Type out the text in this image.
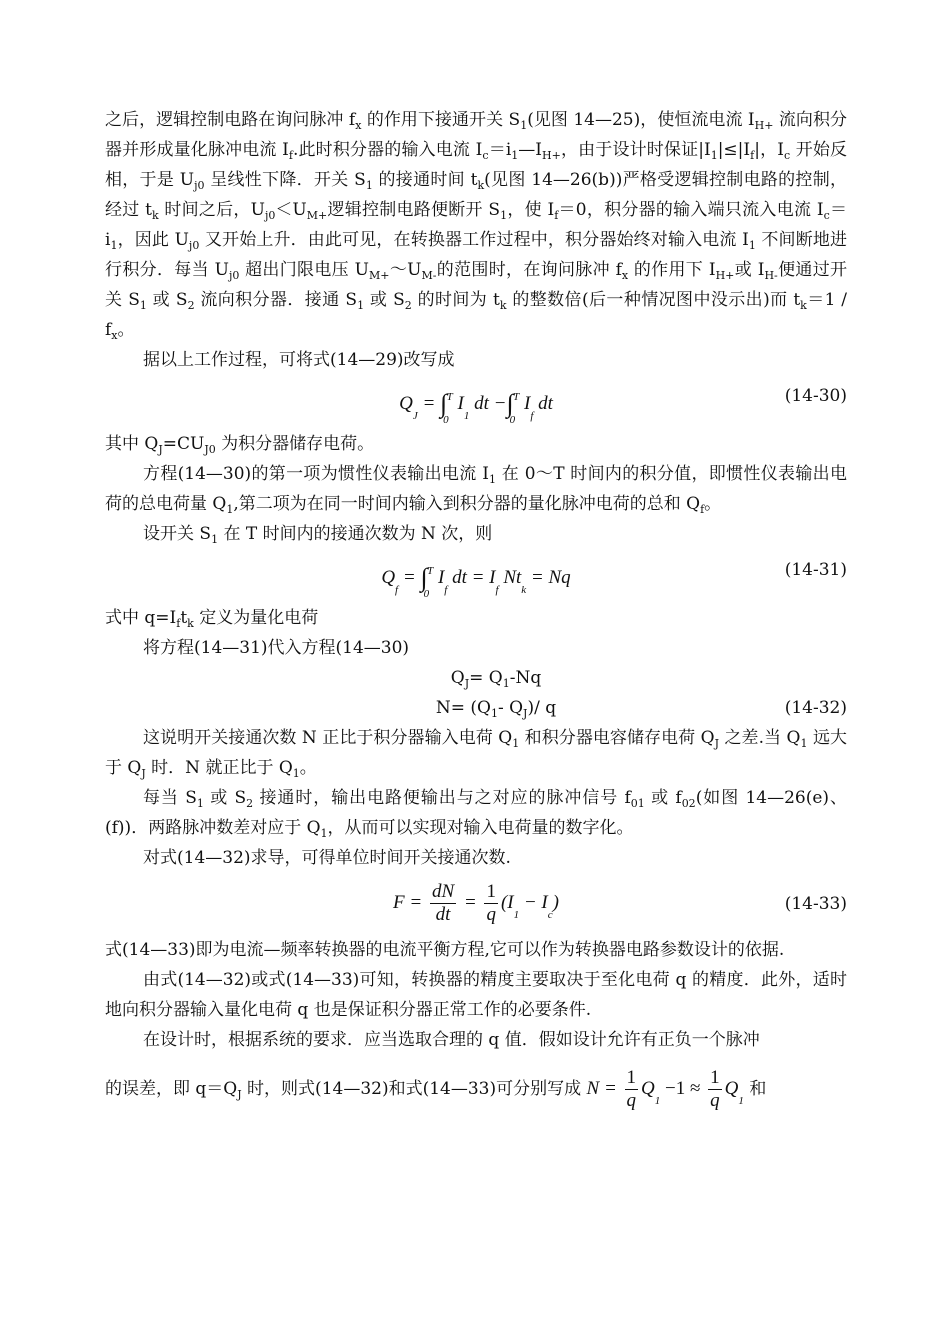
之后，逻辑控制电路在询问脉冲 $f_x$ 的作用下接通开关 $S_1$(见图 14—25)，使恒流电流 $I_{H+}$ 流向积分器并形成量化脉冲电流 $I_f$.此时积分器的输入电流 $I_c=i_1—I_{H+}$，由于设计时保证$|I_1|\le|I_f|$，$I_c$ 开始反相，于是 $U_{j0}$ 呈线性下降．开关 $S_1$ 的接通时间 $t_k$(见图 14—26(b))严格受逻辑控制电路的控制，经过 $t_k$ 时间之后，$U_{j0}<U_{M+}$逻辑控制电路便断开 $S_1$，使 $I_f=0$，积分器的输入端只流入电流 $I_c=i_1$，因此 $U_{j0}$ 又开始上升．由此可见，在转换器工作过程中，积分器始终对输入电流 $I_1$ 不间断地进行积分．每当 $U_{j0}$ 超出门限电压 $U_{M+}\sim U_{M-}$的范围时，在询问脉冲 $f_x$ 的作用下 $I_{H+}$或 $I_{H-}$便通过开关 $S_1$ 或 $S_2$ 流向积分器．接通 $S_1$ 或 $S_2$ 的时间为 $t_k$ 的整数倍(后一种情况图中没示出)而 $t_k=1 / f_x$。

据以上工作过程，可将式(14—29)改写成

$Q_J = \int_0^T$ $I_1$ dt $-\int_0^T$ $I_f$ dt	(14-30)

其中 $Q_J=CU_{J0}$ 为积分器储存电荷。

方程(14—30)的第一项为惯性仪表输出电流 $I_1$ 在 0～T 时间内的积分值，即惯性仪表输出电荷的总电荷量 $Q_1$,第二项为在同一时间内输入到积分器的量化脉冲电荷的总和 $Q_f$。

设开关 $S_1$ 在 T 时间内的接通次数为 N 次，则

$Q_f = \int_0^T$ $I_f$ dt = $I_f$ $Nt_k = Nq$	(14-31)

式中 $q=I_ft_k$ 定义为量化电荷

将方程(14—31)代入方程(14—30)

$Q_J= Q_1-Nq$
$N= (Q_1-$ $Q_J)/$ q	(14-32)

这说明开关接通次数 N 正比于积分器输入电荷 $Q_1$ 和积分器电容储存电荷 $Q_J$ 之差.当 $Q_1$ 远大于 $Q_J$ 时．N 就正比于 $Q_1$。

每当 $S_1$ 或 $S_2$ 接通时，输出电路便输出与之对应的脉冲信号 $f_{01}$ 或 $f_{02}$(如图 14—26(e)、(f))．两路脉冲数差对应于 $Q_1$，从而可以实现对输入电荷量的数字化。

对式(14—32)求导，可得单位时间开关接通次数.

$F = \frac{dN}{dt} = \frac{1}{q} (I_1 - I_c)$	(14-33)

式(14—33)即为电流—频率转换器的电流平衡方程,它可以作为转换器电路参数设计的依据.

由式(14—32)或式(14—33)可知，转换器的精度主要取决于至化电荷 q 的精度．此外，适时地向积分器输入量化电荷 q 也是保证积分器正常工作的必要条件.

在设计时，根据系统的要求．应当选取合理的 q 值．假如设计允许有正负一个脉冲

的误差，即 $q=Q_J$ 时，则式(14—32)和式(14—33)可分别写成 $N = \frac{1}{q} Q_1 -1 \approx \frac{1}{q} Q_1$ 和
